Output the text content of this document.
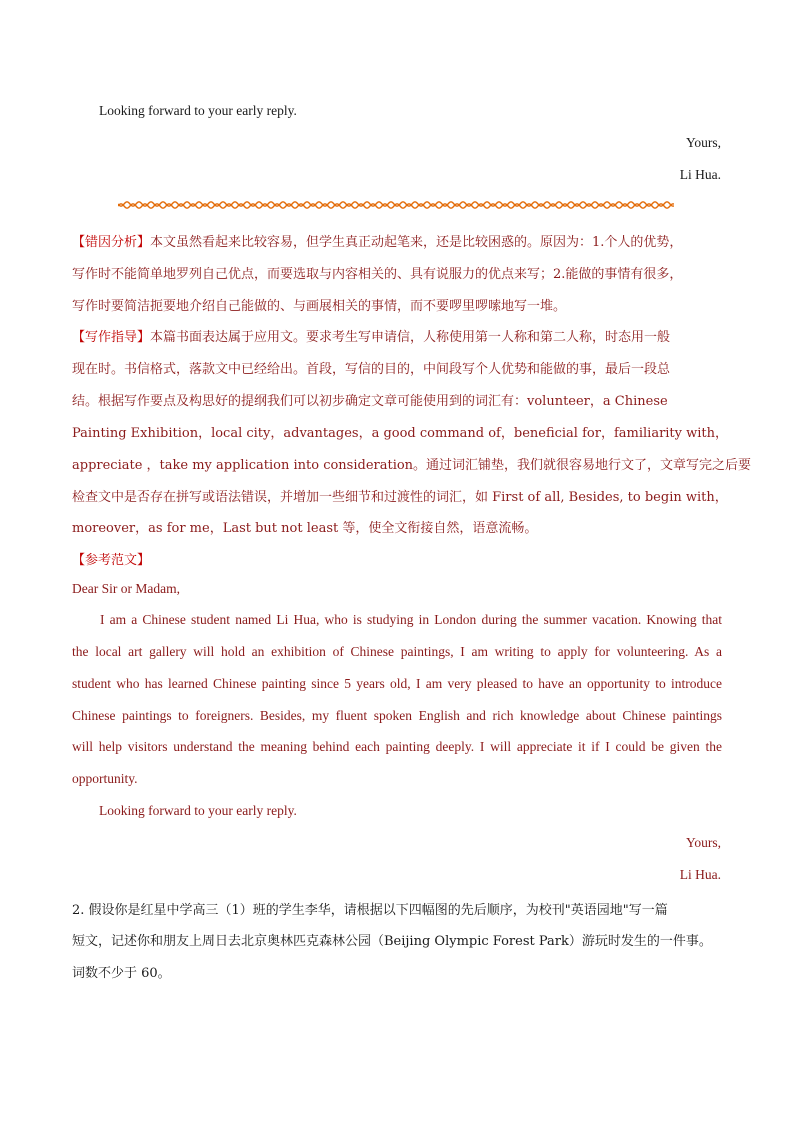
Looking forward to your early reply.
Yours,
Li Hua.
【错因分析】本文虽然看起来比较容易，但学生真正动起笔来，还是比较困惑的。原因为：1.个人的优势，
写作时不能简单地罗列自己优点，而要选取与内容相关的、具有说服力的优点来写；2.能做的事情有很多，
写作时要简洁扼要地介绍自己能做的、与画展相关的事情，而不要啰里啰嗦地写一堆。
【写作指导】本篇书面表达属于应用文。要求考生写申请信，人称使用第一人称和第二人称，时态用一般
现在时。书信格式，落款文中已经给出。首段，写信的目的，中间段写个人优势和能做的事，最后一段总
结。根据写作要点及构思好的提纲我们可以初步确定文章可能使用到的词汇有：volunteer，a Chinese
Painting Exhibition，local city，advantages，a good command of，beneficial for，familiarity with，
appreciate ，take my application into consideration。通过词汇铺垫，我们就很容易地行文了，文章写完之后要
检查文中是否存在拼写或语法错误，并增加一些细节和过渡性的词汇，如 First of all, Besides, to begin with，
moreover，as for me，Last but not least 等，使全文衔接自然，语意流畅。
【参考范文】
Dear Sir or Madam,
I am a Chinese student named Li Hua, who is studying in London during the summer vacation. Knowing that
the local art gallery will hold an exhibition of Chinese paintings, I am writing to apply for volunteering. As a
student who has learned Chinese painting since 5 years old, I am very pleased to have an opportunity to introduce
Chinese paintings to foreigners. Besides, my fluent spoken English and rich knowledge about Chinese paintings
will help visitors understand the meaning behind each painting deeply. I will appreciate it if I could be given the
opportunity.
Looking forward to your early reply.
Yours,
Li Hua.
2. 假设你是红星中学高三（1）班的学生李华，请根据以下四幅图的先后顺序，为校刊"英语园地"写一篇
短文，记述你和朋友上周日去北京奥林匹克森林公园（Beijing Olympic Forest Park）游玩时发生的一件事。
词数不少于 60。
